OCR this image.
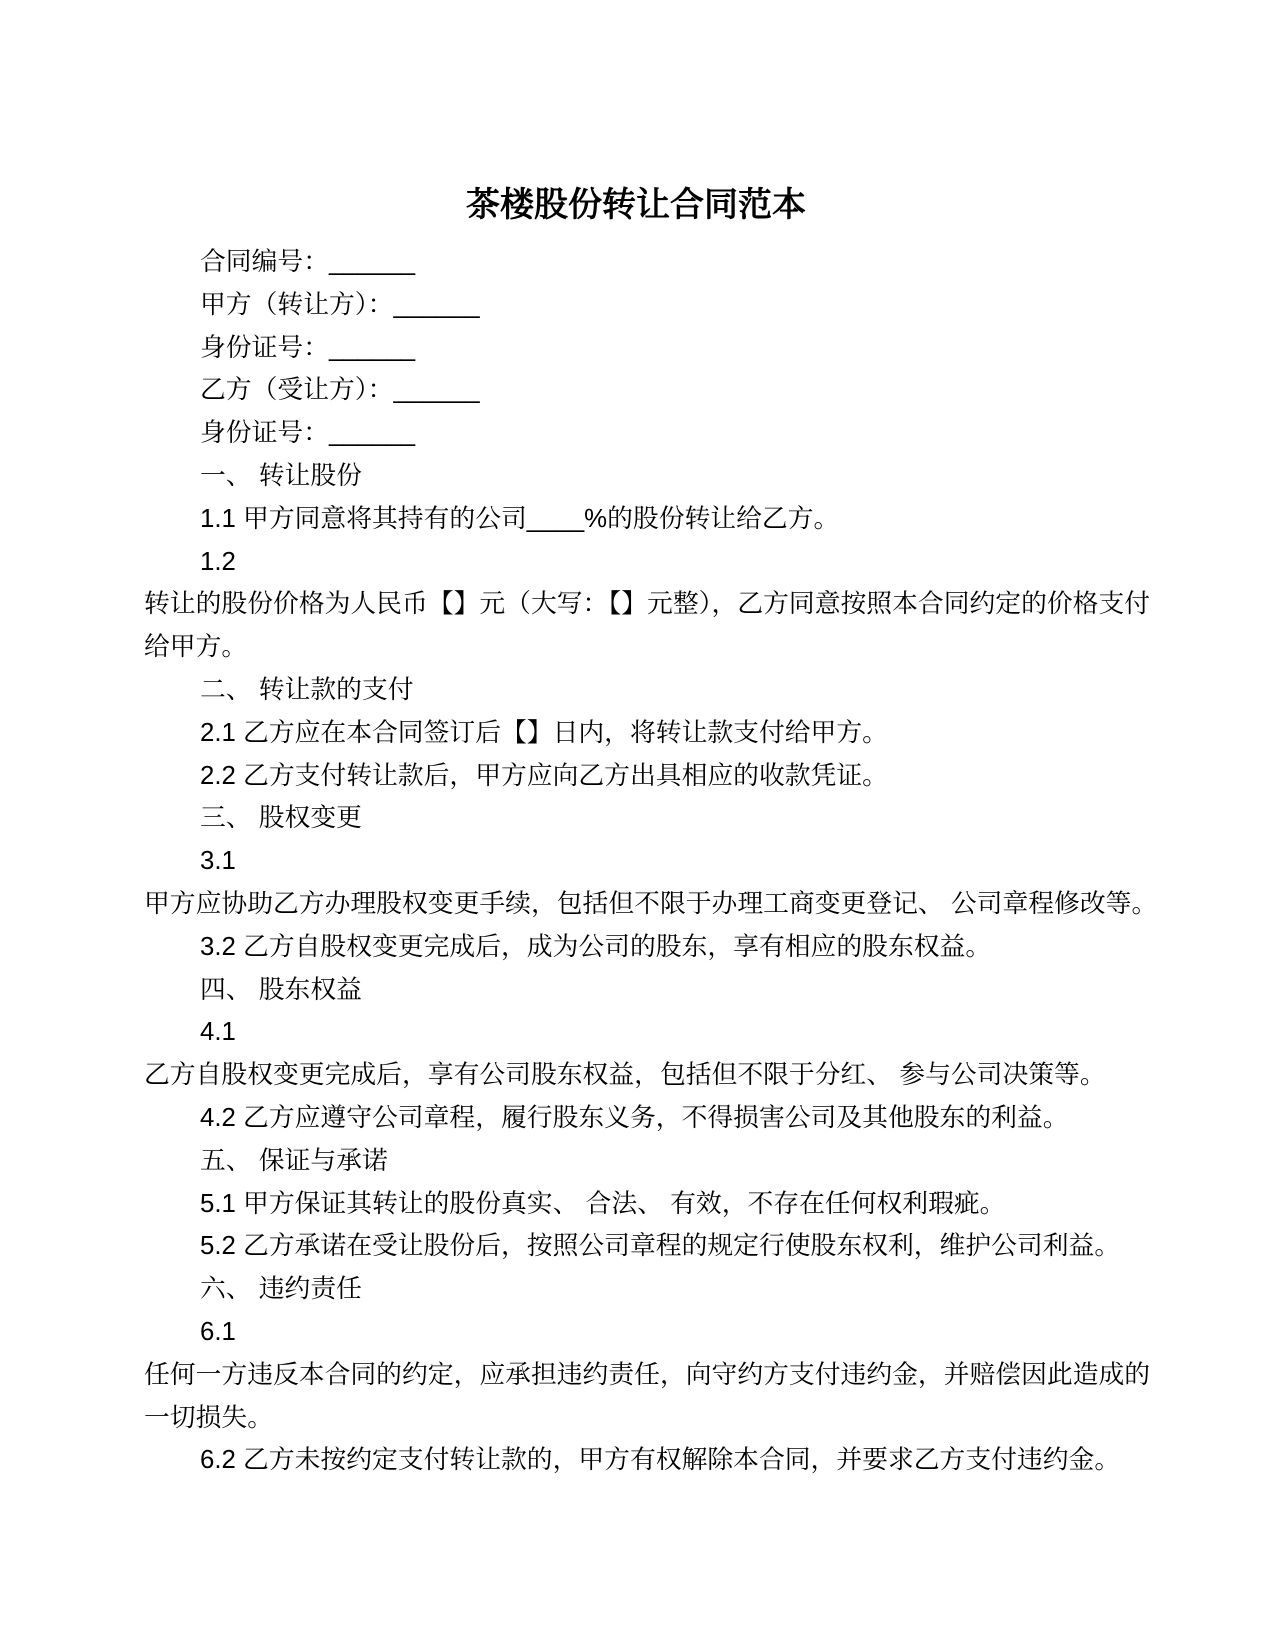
茶楼股份转让合同范本

合同编号：______

甲方（转让方）：______

身份证号：______

乙方（受让方）：______

身份证号：______

一、 转让股份

1.1 甲方同意将其持有的公司____%的股份转让给乙方。

1.2

转让的股份价格为人民币【】元（大写：【】元整），乙方同意按照本合同约定的价格支付给甲方。

二、 转让款的支付

2.1 乙方应在本合同签订后【】日内，将转让款支付给甲方。

2.2 乙方支付转让款后，甲方应向乙方出具相应的收款凭证。

三、 股权变更

3.1

甲方应协助乙方办理股权变更手续，包括但不限于办理工商变更登记、 公司章程修改等。

3.2 乙方自股权变更完成后，成为公司的股东，享有相应的股东权益。

四、 股东权益

4.1

乙方自股权变更完成后，享有公司股东权益，包括但不限于分红、 参与公司决策等。

4.2 乙方应遵守公司章程，履行股东义务，不得损害公司及其他股东的利益。

五、 保证与承诺

5.1 甲方保证其转让的股份真实、 合法、 有效，不存在任何权利瑕疵。

5.2 乙方承诺在受让股份后，按照公司章程的规定行使股东权利，维护公司利益。

六、 违约责任

6.1

任何一方违反本合同的约定，应承担违约责任，向守约方支付违约金，并赔偿因此造成的一切损失。

6.2 乙方未按约定支付转让款的，甲方有权解除本合同，并要求乙方支付违约金。
